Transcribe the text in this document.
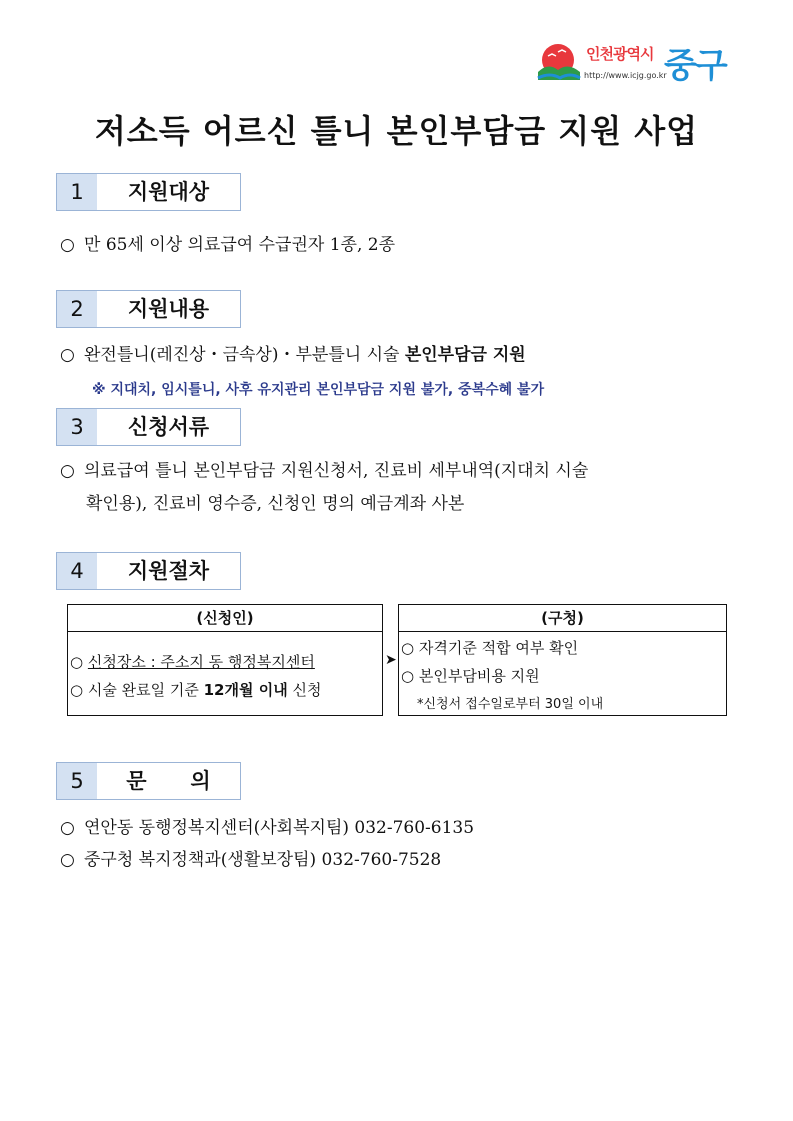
인천광역시
http://www.icjg.go.kr
중구
저소득 어르신 틀니 본인부담금 지원 사업
1	지원대상
○ 만 65세 이상 의료급여 수급권자 1종, 2종
2	지원내용
○ 완전틀니(레진상・금속상)・부분틀니 시술 본인부담금 지원
※ 지대치, 임시틀니, 사후 유지관리 본인부담금 지원 불가, 중복수혜 불가
3	신청서류
○ 의료급여 틀니 본인부담금 지원신청서, 진료비 세부내역(지대치 시술
확인용), 진료비 영수증, 신청인 명의 예금계좌 사본
4	지원절차
(신청인)
○ 신청장소 : 주소지 동 행정복지센터
○ 시술 완료일 기준 12개월 이내 신청
➤
(구청)
○ 자격기준 적합 여부 확인
○ 본인부담비용 지원
*신청서 접수일로부터 30일 이내
5	문      의
○ 연안동 동행정복지센터(사회복지팀) 032-760-6135
○ 중구청 복지정책과(생활보장팀) 032-760-7528
